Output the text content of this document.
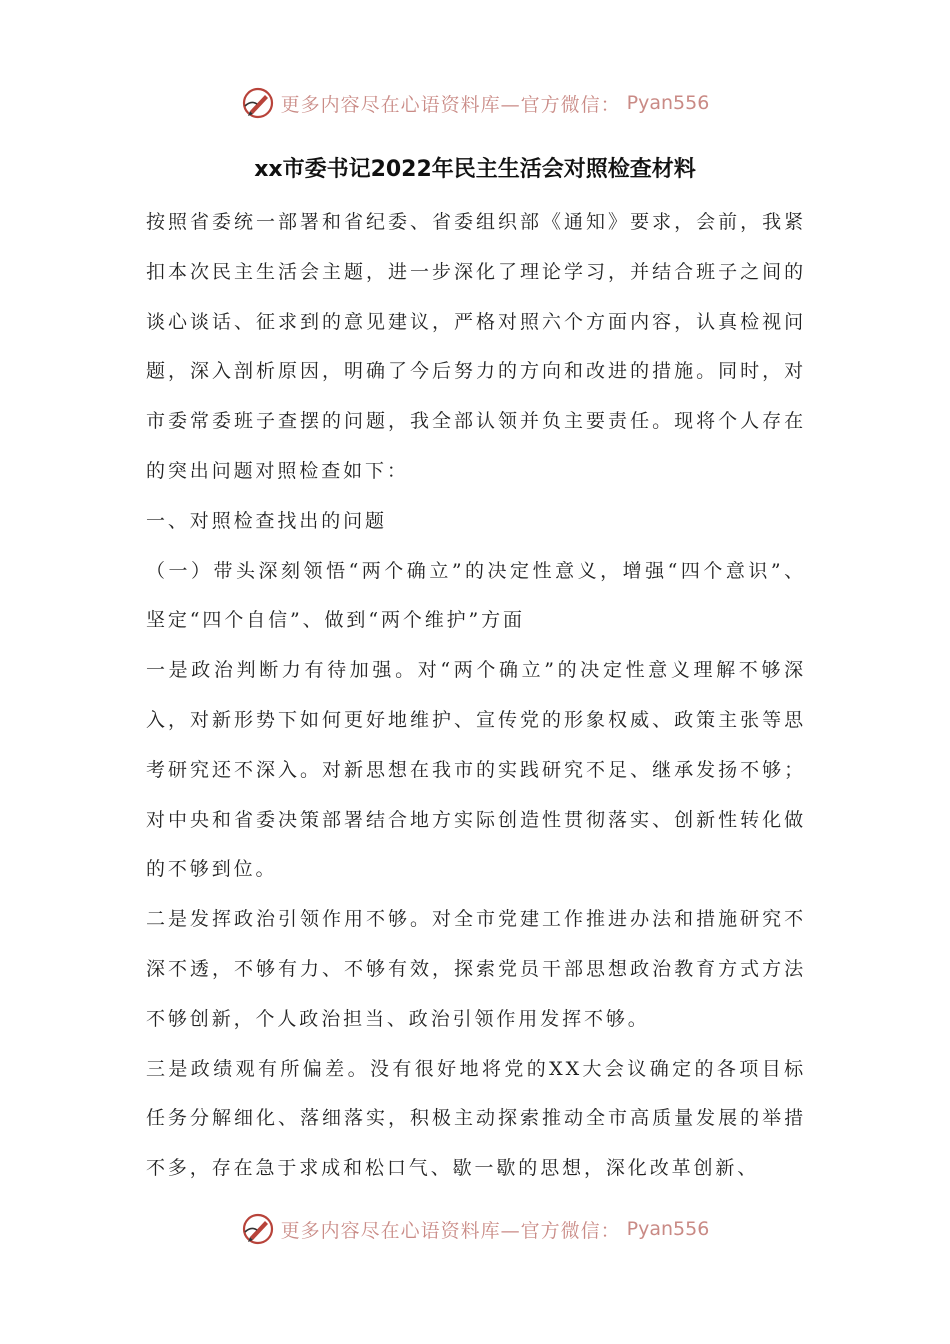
更多内容尽在心语资料库—官方微信： Pyan556
xx市委书记2022年民主生活会对照检查材料

按照省委统一部署和省纪委、省委组织部《通知》要求，会前，我紧扣本次民主生活会主题，进一步深化了理论学习，并结合班子之间的谈心谈话、征求到的意见建议，严格对照六个方面内容，认真检视问题，深入剖析原因，明确了今后努力的方向和改进的措施。同时，对市委常委班子查摆的问题，我全部认领并负主要责任。现将个人存在的突出问题对照检查如下：

一、对照检查找出的问题

（一）带头深刻领悟“两个确立”的决定性意义，增强“四个意识”、坚定“四个自信”、做到“两个维护”方面

一是政治判断力有待加强。对“两个确立”的决定性意义理解不够深入，对新形势下如何更好地维护、宣传党的形象权威、政策主张等思考研究还不深入。对新思想在我市的实践研究不足、继承发扬不够；对中央和省委决策部署结合地方实际创造性贯彻落实、创新性转化做的不够到位。

二是发挥政治引领作用不够。对全市党建工作推进办法和措施研究不深不透，不够有力、不够有效，探索党员干部思想政治教育方式方法不够创新，个人政治担当、政治引领作用发挥不够。

三是政绩观有所偏差。没有很好地将党的XX大会议确定的各项目标任务分解细化、落细落实，积极主动探索推动全市高质量发展的举措不多，存在急于求成和松口气、歇一歇的思想，深化改革创新、

更多内容尽在心语资料库—官方微信： Pyan556
